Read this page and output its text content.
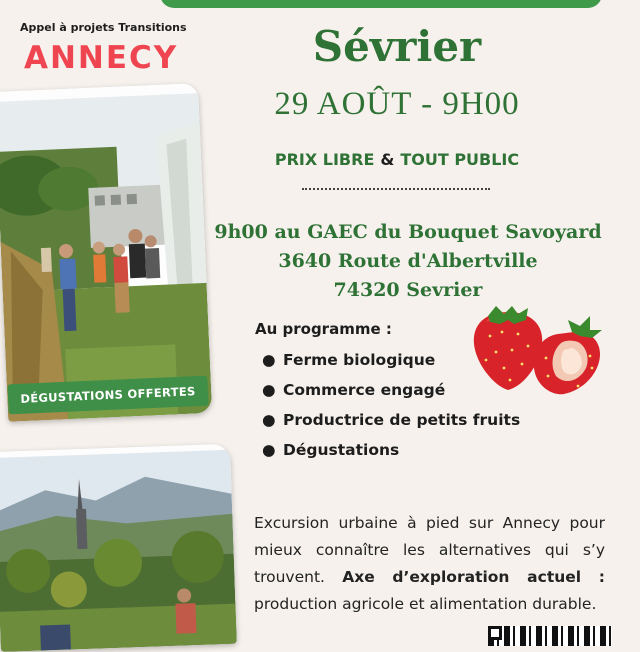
Appel à projets Transitions
ANNECY	Sévrier
29 AOÛT - 9H00
PRIX LIBRE & TOUT PUBLIC
9h00 au GAEC du Bouquet Savoyard
3640 Route d'Albertville
74320 Sevrier
DÉGUSTATIONS OFFERTES
Au programme :
● Ferme biologique
● Commerce engagé
● Productrice de petits fruits
● Dégustations
Excursion urbaine à pied sur Annecy pour mieux connaître les alternatives qui s’y trouvent. Axe d’exploration actuel : production agricole et alimentation durable.
